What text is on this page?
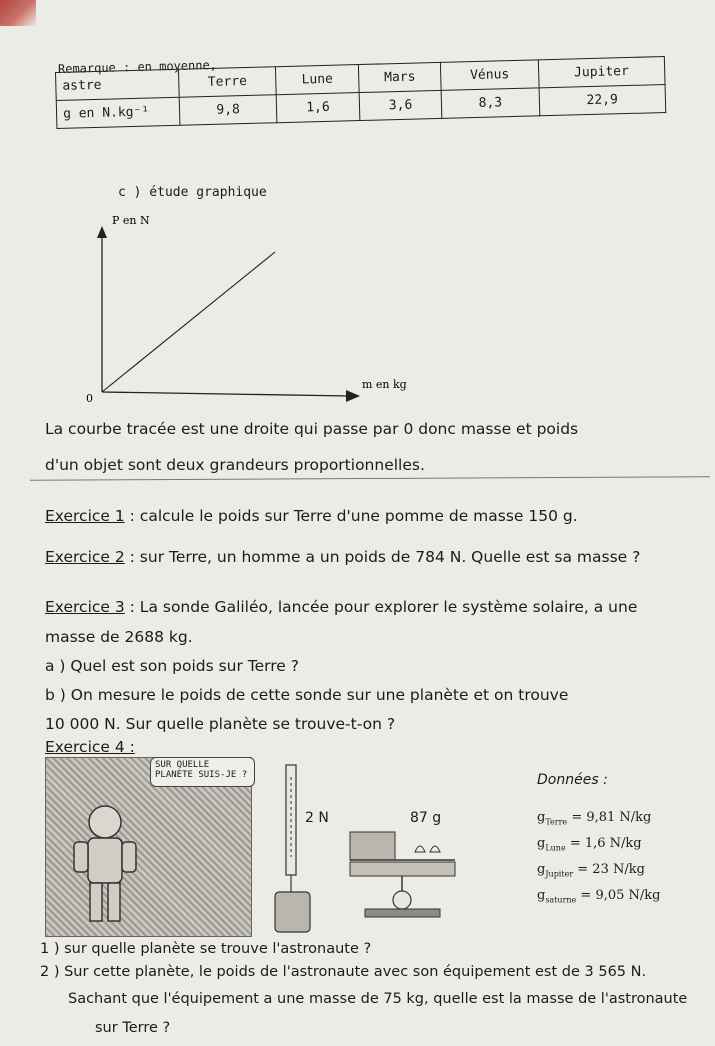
Remarque : en moyenne,
astre	Terre	Lune	Mars	Vénus	Jupiter
g en N.kg⁻¹	9,8	1,6	3,6	8,3	22,9
c ) étude graphique
P en N
m en kg
0
La courbe tracée est une droite qui passe par 0 donc masse et poids
d'un objet sont deux grandeurs proportionnelles.
Exercice 1 : calcule le poids sur Terre d'une pomme de masse 150 g.
Exercice 2 : sur Terre, un homme a un poids de 784 N. Quelle est sa masse ?
Exercice 3 : La sonde Galiléo, lancée pour explorer le système solaire, a une
masse de 2688 kg.
a ) Quel est son poids sur Terre ?
b ) On mesure le poids de cette sonde sur une planète et on trouve
10 000 N. Sur quelle planète se trouve-t-on ?
Exercice 4 :
SUR QUELLE
PLANÈTE SUIS-JE ?
2 N	87 g
Données :
$g_{Terre} = 9,81$ N/kg
$g_{Lune} = 1,6$ N/kg
$g_{Jupiter} = 23$ N/kg
$g_{saturne} = 9,05$ N/kg
1 ) sur quelle planète se trouve l'astronaute ?
2 ) Sur cette planète, le poids de l'astronaute avec son équipement est de 3 565 N.
Sachant que l'équipement a une masse de 75 kg, quelle est la masse de l'astronaute
sur Terre ?
